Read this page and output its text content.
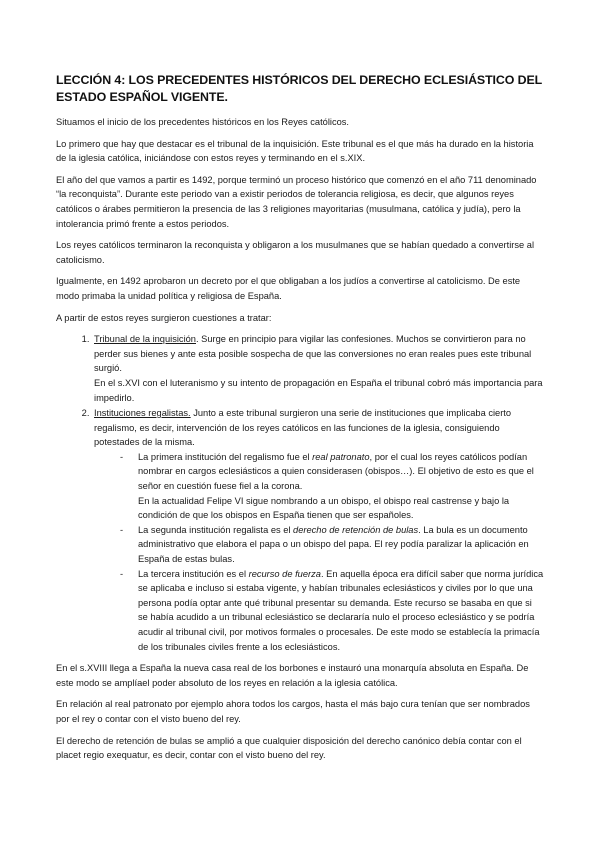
LECCIÓN 4: LOS PRECEDENTES HISTÓRICOS DEL DERECHO ECLESIÁSTICO DEL ESTADO ESPAÑOL VIGENTE.

Situamos el inicio de los precedentes históricos en los Reyes católicos.

Lo primero que hay que destacar es el tribunal de la inquisición. Este tribunal es el que más ha durado en la historia de la iglesia católica, iniciándose con estos reyes y terminando en el s.XIX.

El año del que vamos a partir es 1492, porque terminó un proceso histórico que comenzó en el año 711 denominado “la reconquista”. Durante este periodo van a existir periodos de tolerancia religiosa, es decir, que algunos reyes católicos o árabes permitieron la presencia de las 3 religiones mayoritarias (musulmana, católica y judía), pero la intolerancia primó frente a estos periodos.

Los reyes católicos terminaron la reconquista y obligaron a los musulmanes que se habían quedado a convertirse al catolicismo.

Igualmente, en 1492 aprobaron un decreto por el que obligaban a los judíos a convertirse al catolicismo. De este modo primaba la unidad política y religiosa de España.

A partir de estos reyes surgieron cuestiones a tratar:

1. Tribunal de la inquisición. Surge en principio para vigilar las confesiones. Muchos se convirtieron para no perder sus bienes y ante esta posible sospecha de que las conversiones no eran reales pues este tribunal surgió.
En el s.XVI con el luteranismo y su intento de propagación en España el tribunal cobró más importancia para impedirlo.
2. Instituciones regalistas. Junto a este tribunal surgieron una serie de instituciones que implicaba cierto regalismo, es decir, intervención de los reyes católicos en las funciones de la iglesia, consiguiendo potestades de la misma.
- La primera institución del regalismo fue el real patronato, por el cual los reyes católicos podían nombrar en cargos eclesiásticos a quien considerasen (obispos…). El objetivo de esto es que el señor en cuestión fuese fiel a la corona.
En la actualidad Felipe VI sigue nombrando a un obispo, el obispo real castrense y bajo la condición de que los obispos en España tienen que ser españoles.
- La segunda institución regalista es el derecho de retención de bulas. La bula es un documento administrativo que elabora el papa o un obispo del papa. El rey podía paralizar la aplicación en España de estas bulas.
- La tercera institución es el recurso de fuerza. En aquella época era difícil saber que norma jurídica se aplicaba e incluso si estaba vigente, y habían tribunales eclesiásticos y civiles por lo que una persona podía optar ante qué tribunal presentar su demanda. Este recurso se basaba en que si se había acudido a un tribunal eclesiástico se declararía nulo el proceso eclesiástico y se podría acudir al tribunal civil, por motivos formales o procesales. De este modo se establecía la primacía de los tribunales civiles frente a los eclesiásticos.

En el s.XVIII llega a España la nueva casa real de los borbones e instauró una monarquía absoluta en España. De este modo se amplíael poder absoluto de los reyes en relación a la iglesia católica.

En relación al real patronato por ejemplo ahora todos los cargos, hasta el más bajo cura tenían que ser nombrados por el rey o contar con el visto bueno del rey.

El derecho de retención de bulas se amplió a que cualquier disposición del derecho canónico debía contar con el placet regio exequatur, es decir, contar con el visto bueno del rey.
